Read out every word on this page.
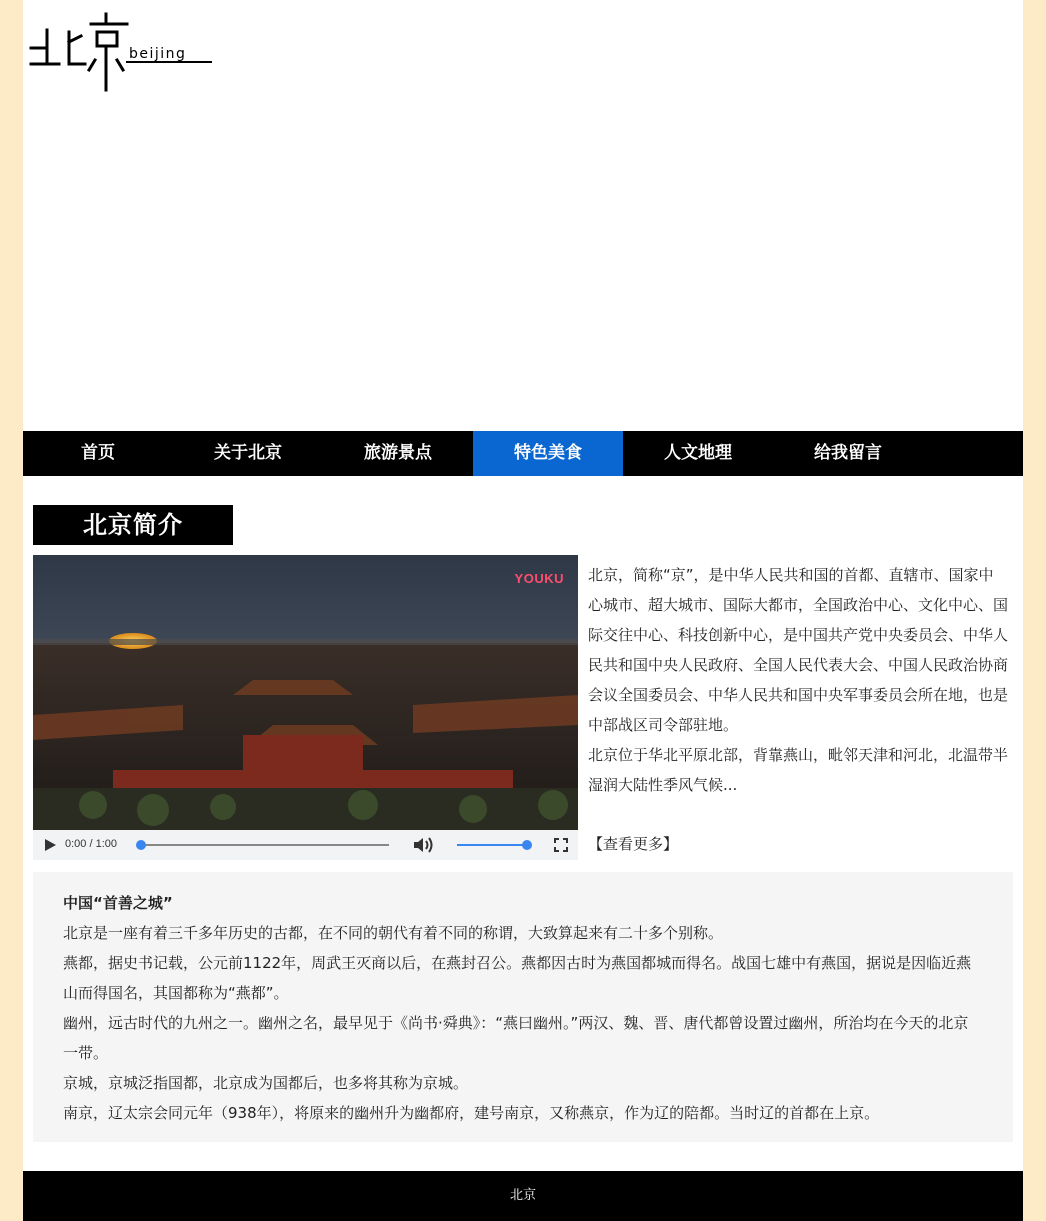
beijing
首页	关于北京	旅游景点	特色美食	人文地理	给我留言
北京简介
YOUKU
0:00 / 1:00

北京，简称“京”，是中华人民共和国的首都、直辖市、国家中心城市、超大城市、国际大都市，全国政治中心、文化中心、国际交往中心、科技创新中心，是中国共产党中央委员会、中华人民共和国中央人民政府、全国人民代表大会、中国人民政治协商会议全国委员会、中华人民共和国中央军事委员会所在地，也是中部战区司令部驻地。

北京位于华北平原北部，背靠燕山，毗邻天津和河北，北温带半湿润大陆性季风气候...

【查看更多】

中国“首善之城”

北京是一座有着三千多年历史的古都，在不同的朝代有着不同的称谓，大致算起来有二十多个别称。

燕都，据史书记载，公元前1122年，周武王灭商以后，在燕封召公。燕都因古时为燕国都城而得名。战国七雄中有燕国，据说是因临近燕山而得国名，其国都称为“燕都”。

幽州，远古时代的九州之一。幽州之名，最早见于《尚书·舜典》：“燕曰幽州。”两汉、魏、晋、唐代都曾设置过幽州，所治均在今天的北京一带。

京城，京城泛指国都，北京成为国都后，也多将其称为京城。

南京，辽太宗会同元年（938年），将原来的幽州升为幽都府，建号南京，又称燕京，作为辽的陪都。当时辽的首都在上京。

北京
